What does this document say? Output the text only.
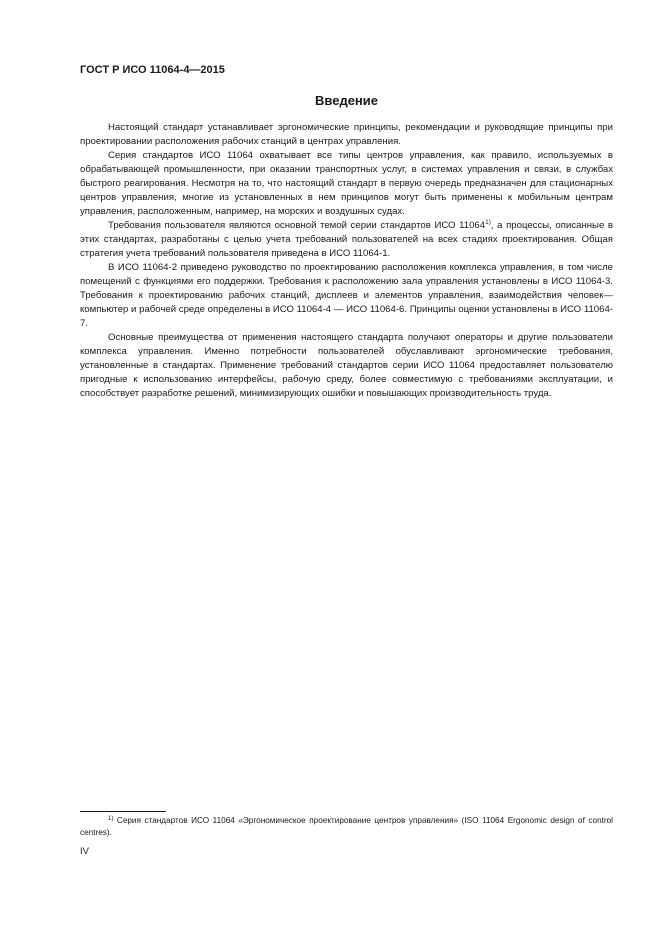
ГОСТ Р ИСО 11064-4—2015
Введение

Настоящий стандарт устанавливает эргономические принципы, рекомендации и руководящие принципы при проектировании расположения рабочих станций в центрах управления.

Серия стандартов ИСО 11064 охватывает все типы центров управления, как правило, используемых в обрабатывающей промышленности, при оказании транспортных услуг, в системах управления и связи, в службах быстрого реагирования. Несмотря на то, что настоящий стандарт в первую очередь предназначен для стационарных центров управления, многие из установленных в нем принципов могут быть применены к мобильным центрам управления, расположенным, например, на морских и воздушных судах.

Требования пользователя являются основной темой серии стандартов ИСО 11064$^{1)}$, а процессы, описанные в этих стандартах, разработаны с целью учета требований пользователей на всех стадиях проектирования. Общая стратегия учета требований пользователя приведена в ИСО 11064-1.

В ИСО 11064-2 приведено руководство по проектированию расположения комплекса управления, в том числе помещений с функциями его поддержки. Требования к расположению зала управления установлены в ИСО 11064-3. Требования к проектированию рабочих станций, дисплеев и элементов управления, взаимодействия человек—компьютер и рабочей среде определены в ИСО 11064-4 — ИСО 11064-6. Принципы оценки установлены в ИСО 11064-7.

Основные преимущества от применения настоящего стандарта получают операторы и другие пользователи комплекса управления. Именно потребности пользователей обуславливают эргономические требования, установленные в стандартах. Применение требований стандартов серии ИСО 11064 предоставляет пользователю пригодные к использованию интерфейсы, рабочую среду, более совместимую с требованиями эксплуатации, и способствует разработке решений, минимизирующих ошибки и повышающих производительность труда.

$^{1)}$ Серия стандартов ИСО 11064 «Эргономическое проектирование центров управления» (ISO 11064 Ergonomic design of control centres).
IV
